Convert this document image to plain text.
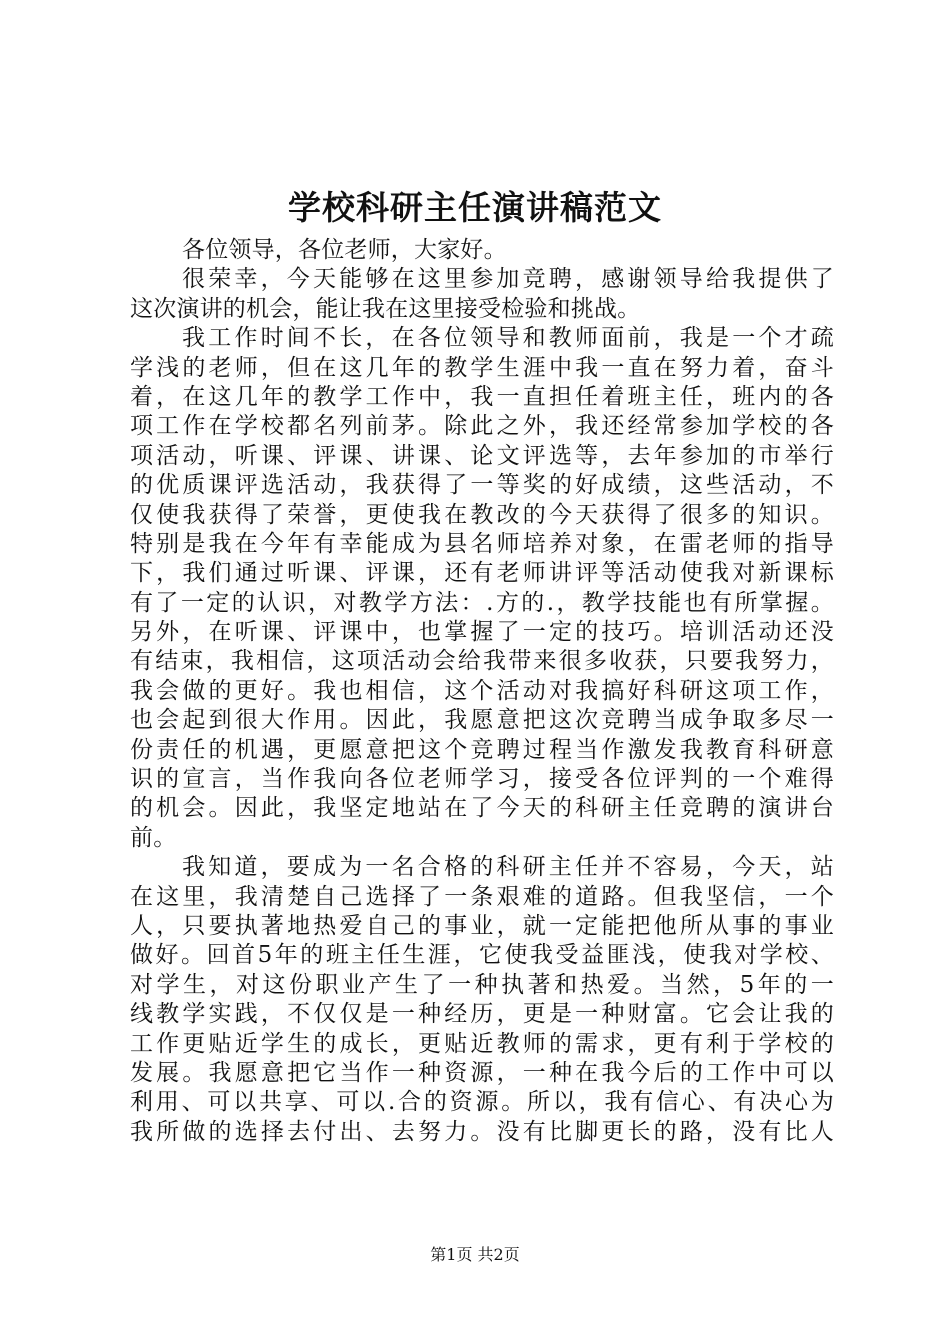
学校科研主任演讲稿范文
各位领导，各位老师，大家好。
很荣幸，今天能够在这里参加竞聘，感谢领导给我提供了
这次演讲的机会，能让我在这里接受检验和挑战。
我工作时间不长，在各位领导和教师面前，我是一个才疏
学浅的老师，但在这几年的教学生涯中我一直在努力着，奋斗
着，在这几年的教学工作中，我一直担任着班主任，班内的各
项工作在学校都名列前茅。除此之外，我还经常参加学校的各
项活动，听课、评课、讲课、论文评选等，去年参加的市举行
的优质课评选活动，我获得了一等奖的好成绩，这些活动，不
仅使我获得了荣誉，更使我在教改的今天获得了很多的知识。
特别是我在今年有幸能成为县名师培养对象，在雷老师的指导
下，我们通过听课、评课，还有老师讲评等活动使我对新课标
有了一定的认识，对教学方法：.方的.，教学技能也有所掌握。
另外，在听课、评课中，也掌握了一定的技巧。培训活动还没
有结束，我相信，这项活动会给我带来很多收获，只要我努力，
我会做的更好。我也相信，这个活动对我搞好科研这项工作，
也会起到很大作用。因此，我愿意把这次竞聘当成争取多尽一
份责任的机遇，更愿意把这个竞聘过程当作激发我教育科研意
识的宣言，当作我向各位老师学习，接受各位评判的一个难得
的机会。因此，我坚定地站在了今天的科研主任竞聘的演讲台
前。
我知道，要成为一名合格的科研主任并不容易，今天，站
在这里，我清楚自己选择了一条艰难的道路。但我坚信，一个
人，只要执著地热爱自己的事业，就一定能把他所从事的事业
做好。回首5年的班主任生涯，它使我受益匪浅，使我对学校、
对学生，对这份职业产生了一种执著和热爱。当然，5年的一
线教学实践，不仅仅是一种经历，更是一种财富。它会让我的
工作更贴近学生的成长，更贴近教师的需求，更有利于学校的
发展。我愿意把它当作一种资源，一种在我今后的工作中可以
利用、可以共享、可以.合的资源。所以，我有信心、有决心为
我所做的选择去付出、去努力。没有比脚更长的路，没有比人
第1页 共2页
